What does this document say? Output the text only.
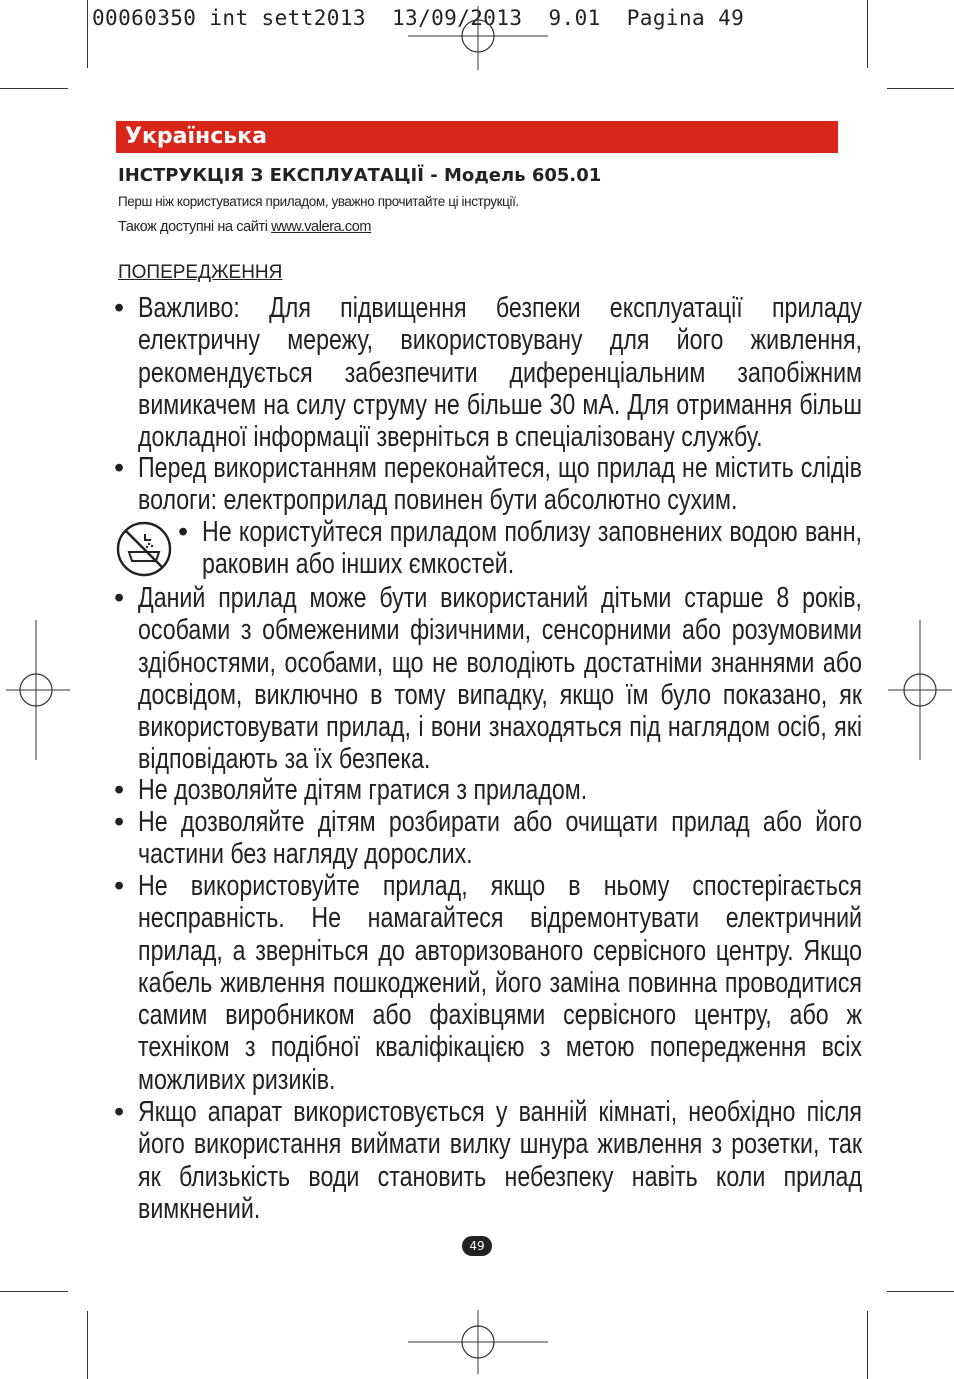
00060350 int sett2013  13/09/2013  9.01  Pagina 49
Українська
ІНСТРУКЦІЯ З ЕКСПЛУАТАЦІЇ - Модель 605.01
Перш ніж користуватися приладом, уважно прочитайте ці інструкції.
Також доступні на сайті www.valera.com
ПОПЕРЕДЖЕННЯ
• Важливо: Для підвищення безпеки експлуатації приладу електричну мережу, використовувану для його живлення, рекомендується забезпечити диференціальним запобіжним вимикачем на силу струму не більше 30 мА. Для отримання більш докладної інформації зверніться в спеціалізовану службу.
• Перед використанням переконайтеся, що прилад не містить слідів вологи: електроприлад повинен бути абсолютно сухим.
• Не користуйтеся приладом поблизу заповнених водою ванн, раковин або інших ємкостей.
• Даний прилад може бути використаний дітьми старше 8 років, особами з обмеженими фізичними, сенсорними або розумовими здібностями, особами, що не володіють достатніми знаннями або досвідом, виключно в тому випадку, якщо їм було показано, як використовувати прилад, і вони знаходяться під наглядом осіб, які відповідають за їх безпека.
• Не дозволяйте дітям гратися з приладом.
• Не дозволяйте дітям розбирати або очищати прилад або його частини без нагляду дорослих.
• Не використовуйте прилад, якщо в ньому спостерігається несправність. Не намагайтеся відремонтувати електричний прилад, а зверніться до авторизованого сервісного центру. Якщо кабель живлення пошкоджений, його заміна повинна проводитися самим виробником або фахівцями сервісного центру, або ж техніком з подібної кваліфікацією з метою попередження всіх можливих ризиків.
• Якщо апарат використовується у ванній кімнаті, необхідно після його використання виймати вилку шнура живлення з розетки, так як близькість води становить небезпеку навіть коли прилад вимкнений.
49
